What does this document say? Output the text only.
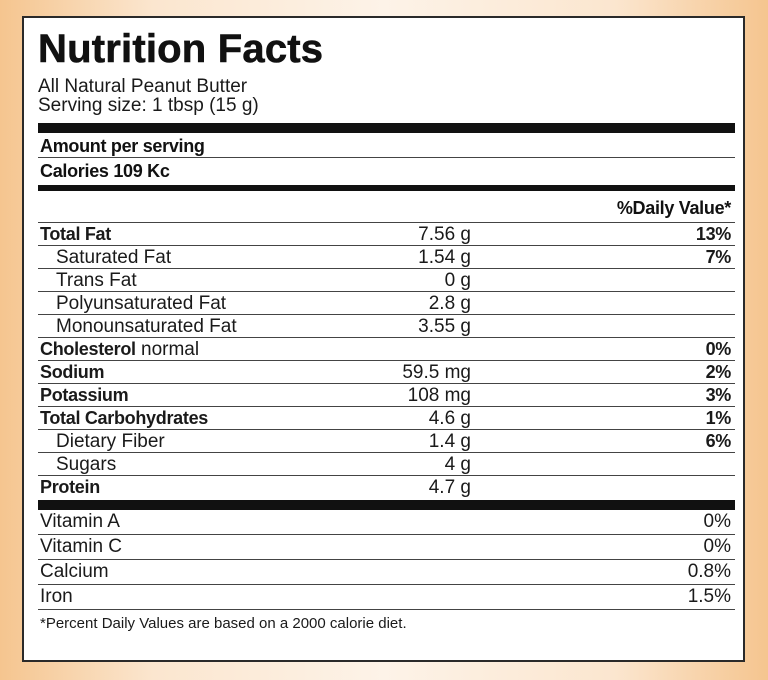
Nutrition Facts
All Natural Peanut Butter
Serving size: 1 tbsp (15 g)
Amount per serving
Calories 109 Kc
%Daily Value*
Total Fat	7.56 g	13%
Saturated Fat	1.54 g	7%
Trans Fat	0 g
Polyunsaturated Fat	2.8 g
Monounsaturated Fat	3.55 g
Cholesterol normal	0%
Sodium	59.5 mg	2%
Potassium	108 mg	3%
Total Carbohydrates	4.6 g	1%
Dietary Fiber	1.4 g	6%
Sugars	4 g
Protein	4.7 g
Vitamin A	0%
Vitamin C	0%
Calcium	0.8%
Iron	1.5%
*Percent Daily Values are based on a 2000 calorie diet.
